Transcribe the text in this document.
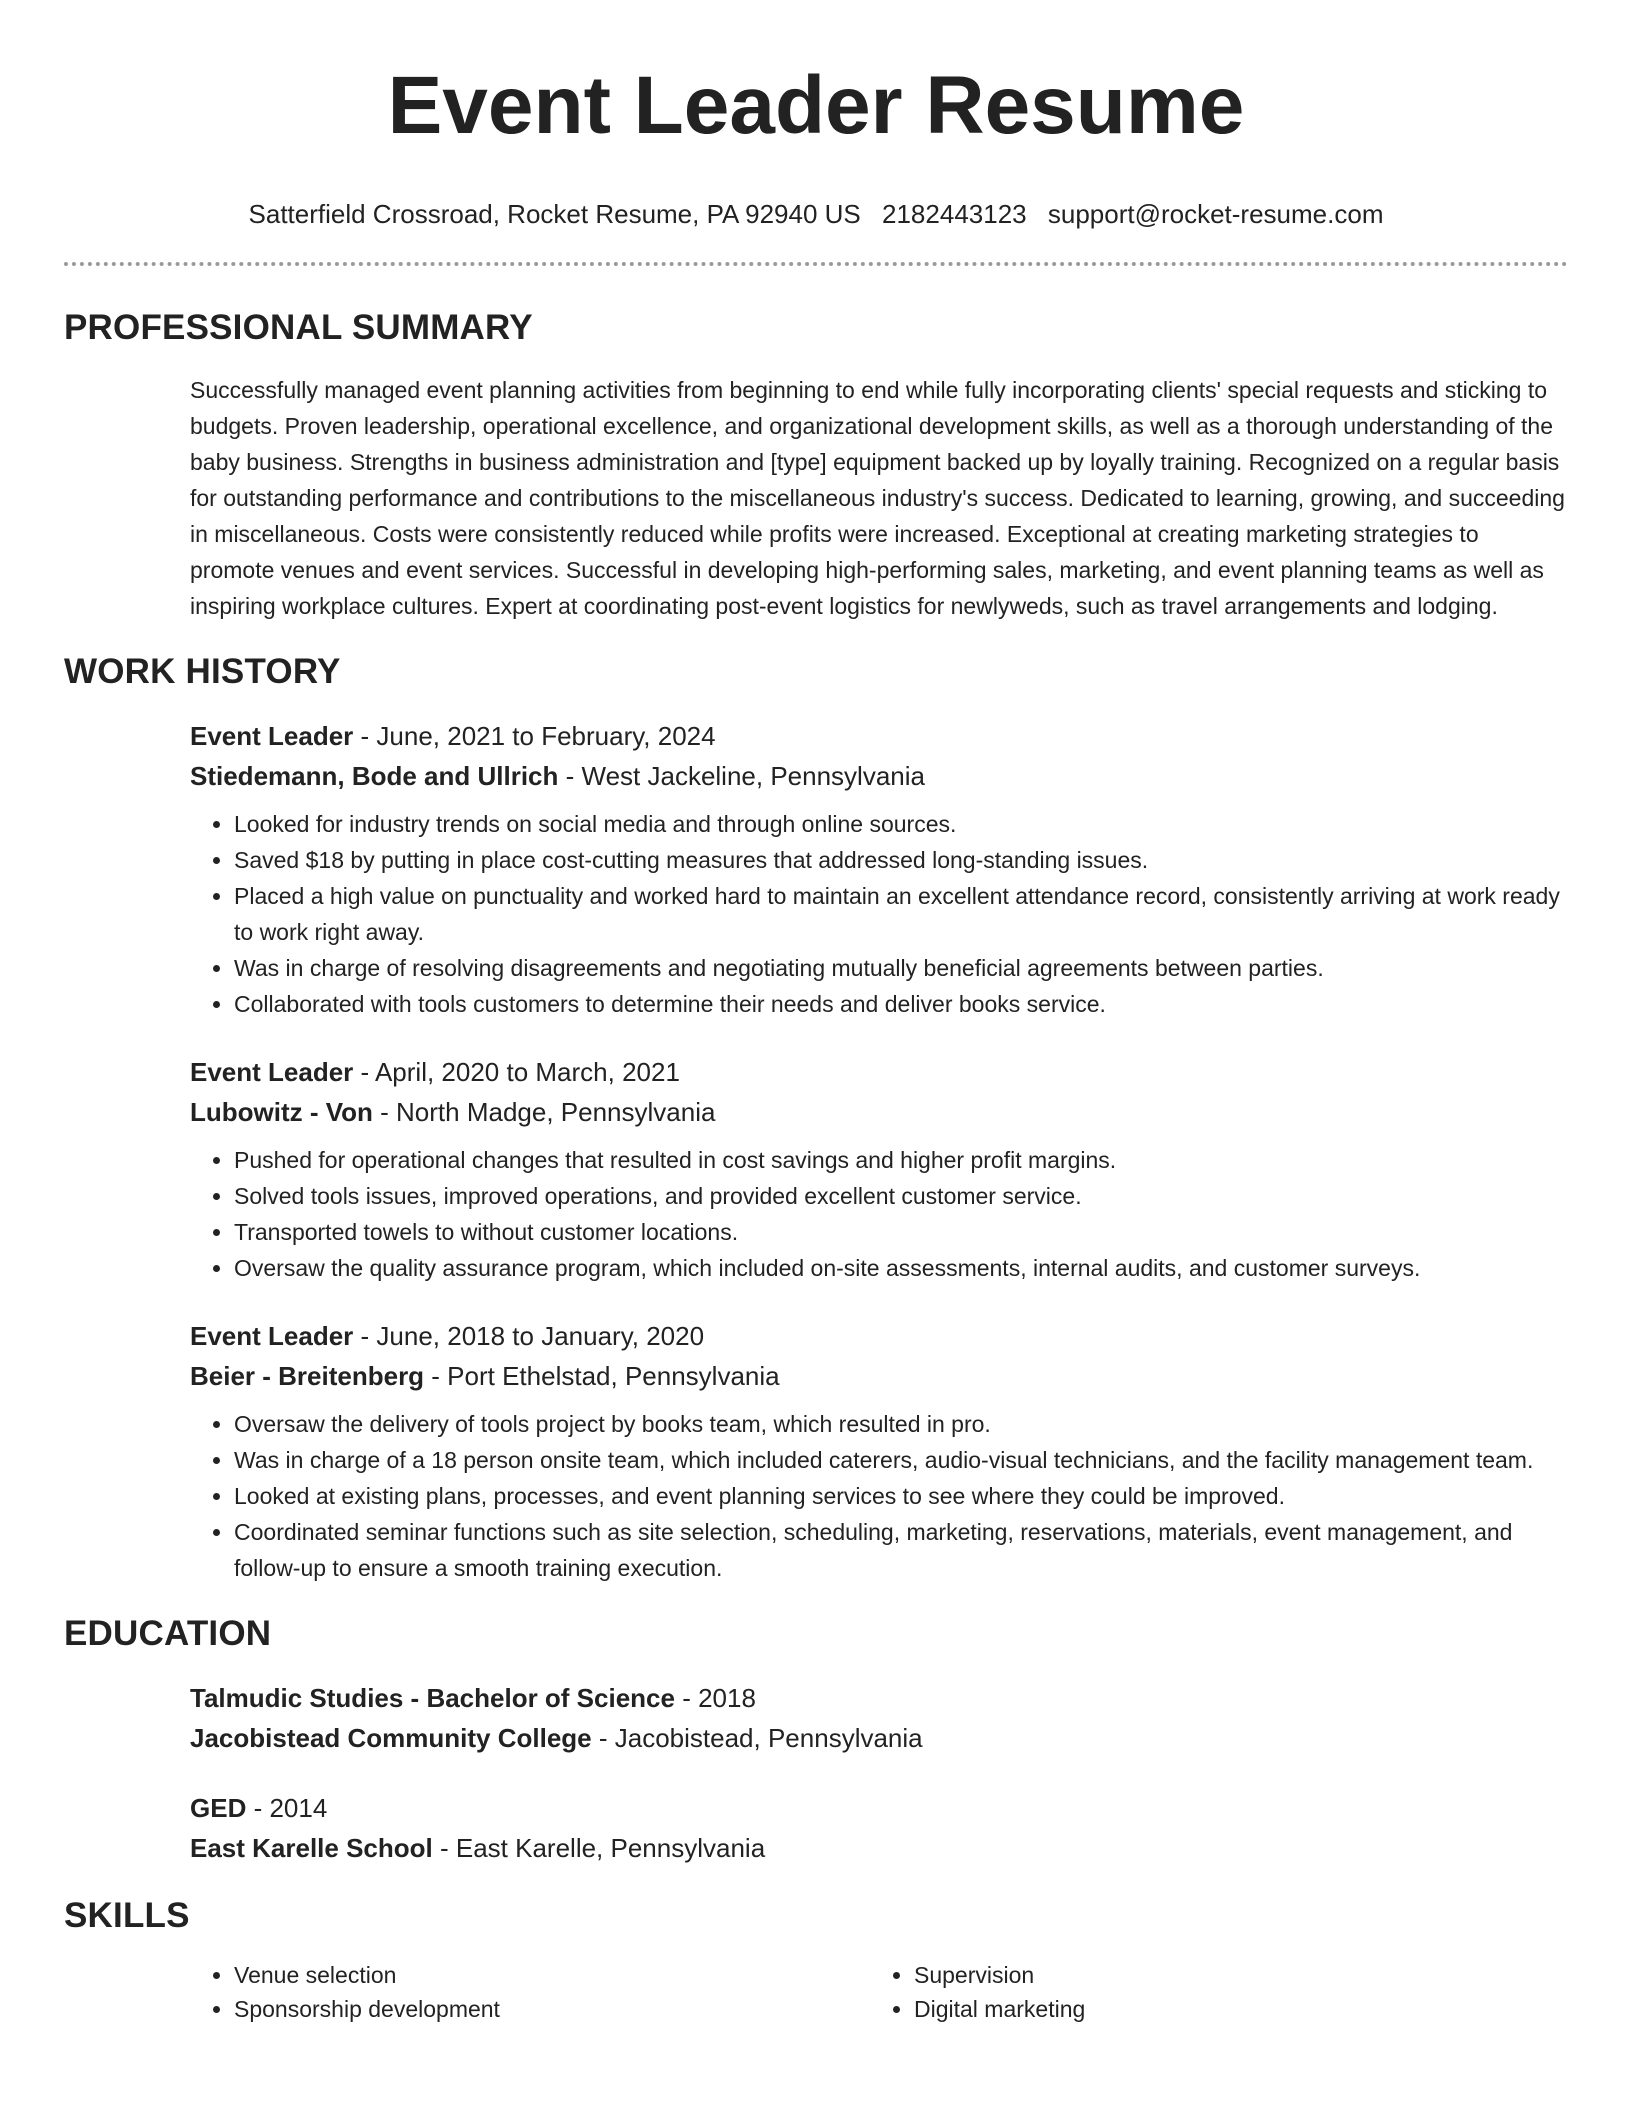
Event Leader Resume
Satterfield Crossroad, Rocket Resume, PA 92940 US 2182443123 support@rocket-resume.com
PROFESSIONAL SUMMARY

Successfully managed event planning activities from beginning to end while fully incorporating clients' special requests and sticking to budgets. Proven leadership, operational excellence, and organizational development skills, as well as a thorough understanding of the baby business. Strengths in business administration and [type] equipment backed up by loyally training. Recognized on a regular basis for outstanding performance and contributions to the miscellaneous industry's success. Dedicated to learning, growing, and succeeding in miscellaneous. Costs were consistently reduced while profits were increased. Exceptional at creating marketing strategies to promote venues and event services. Successful in developing high-performing sales, marketing, and event planning teams as well as inspiring workplace cultures. Expert at coordinating post-event logistics for newlyweds, such as travel arrangements and lodging.

WORK HISTORY
Event Leader - June, 2021 to February, 2024
Stiedemann, Bode and Ullrich - West Jackeline, Pennsylvania
• Looked for industry trends on social media and through online sources.
• Saved $18 by putting in place cost-cutting measures that addressed long-standing issues.
• Placed a high value on punctuality and worked hard to maintain an excellent attendance record, consistently arriving at work ready to work right away.
• Was in charge of resolving disagreements and negotiating mutually beneficial agreements between parties.
• Collaborated with tools customers to determine their needs and deliver books service.
Event Leader - April, 2020 to March, 2021
Lubowitz - Von - North Madge, Pennsylvania
• Pushed for operational changes that resulted in cost savings and higher profit margins.
• Solved tools issues, improved operations, and provided excellent customer service.
• Transported towels to without customer locations.
• Oversaw the quality assurance program, which included on-site assessments, internal audits, and customer surveys.
Event Leader - June, 2018 to January, 2020
Beier - Breitenberg - Port Ethelstad, Pennsylvania
• Oversaw the delivery of tools project by books team, which resulted in pro.
• Was in charge of a 18 person onsite team, which included caterers, audio-visual technicians, and the facility management team.
• Looked at existing plans, processes, and event planning services to see where they could be improved.
• Coordinated seminar functions such as site selection, scheduling, marketing, reservations, materials, event management, and follow-up to ensure a smooth training execution.
EDUCATION
Talmudic Studies - Bachelor of Science - 2018
Jacobistead Community College - Jacobistead, Pennsylvania
GED - 2014
East Karelle School - East Karelle, Pennsylvania
SKILLS
• Venue selection
• Sponsorship development
• Supervision
• Digital marketing
